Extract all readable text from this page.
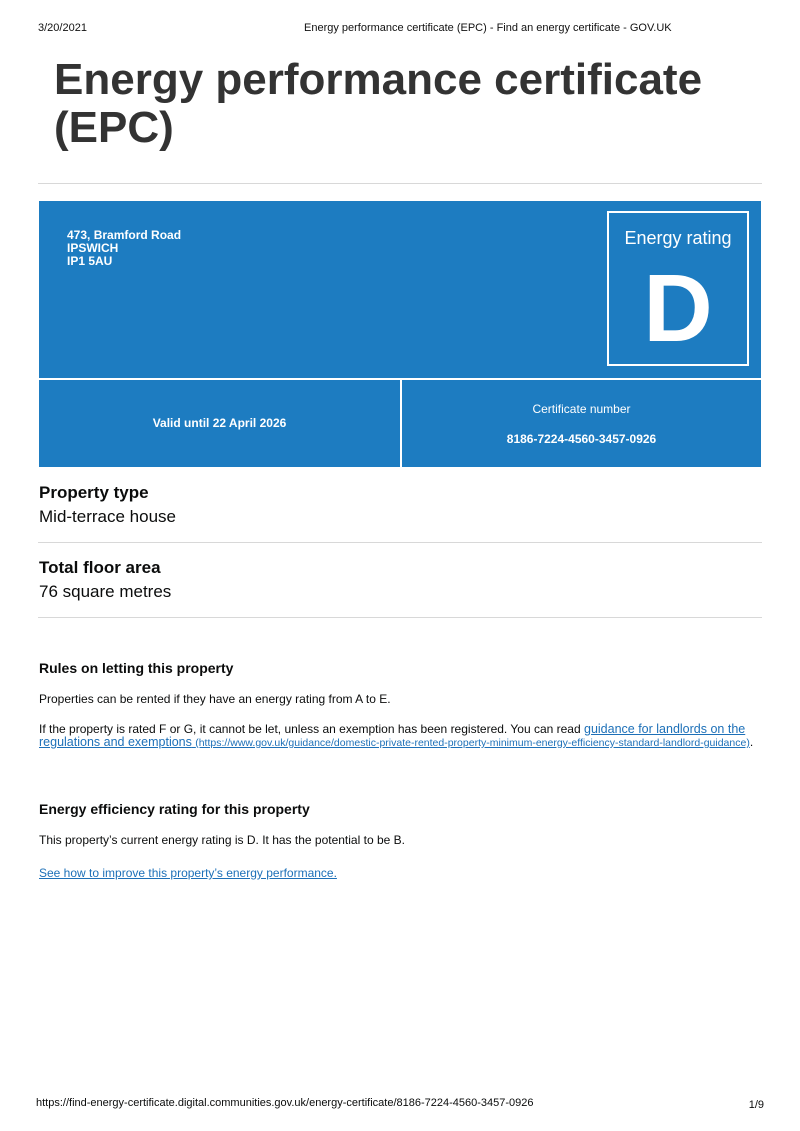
3/20/2021	Energy performance certificate (EPC) - Find an energy certificate - GOV.UK
Energy performance certificate (EPC)
473, Bramford Road
IPSWICH
IP1 5AU
Energy rating
D
Valid until 22 April 2026
Certificate number
8186-7224-4560-3457-0926
Property type
Mid-terrace house
Total floor area
76 square metres
Rules on letting this property
Properties can be rented if they have an energy rating from A to E.
If the property is rated F or G, it cannot be let, unless an exemption has been registered. You can read guidance for landlords on the regulations and exemptions (https://www.gov.uk/guidance/domestic-private-rented-property-minimum-energy-efficiency-standard-landlord-guidance).
Energy efficiency rating for this property
This property’s current energy rating is D. It has the potential to be B.
See how to improve this property’s energy performance.
https://find-energy-certificate.digital.communities.gov.uk/energy-certificate/8186-7224-4560-3457-0926	1/9
